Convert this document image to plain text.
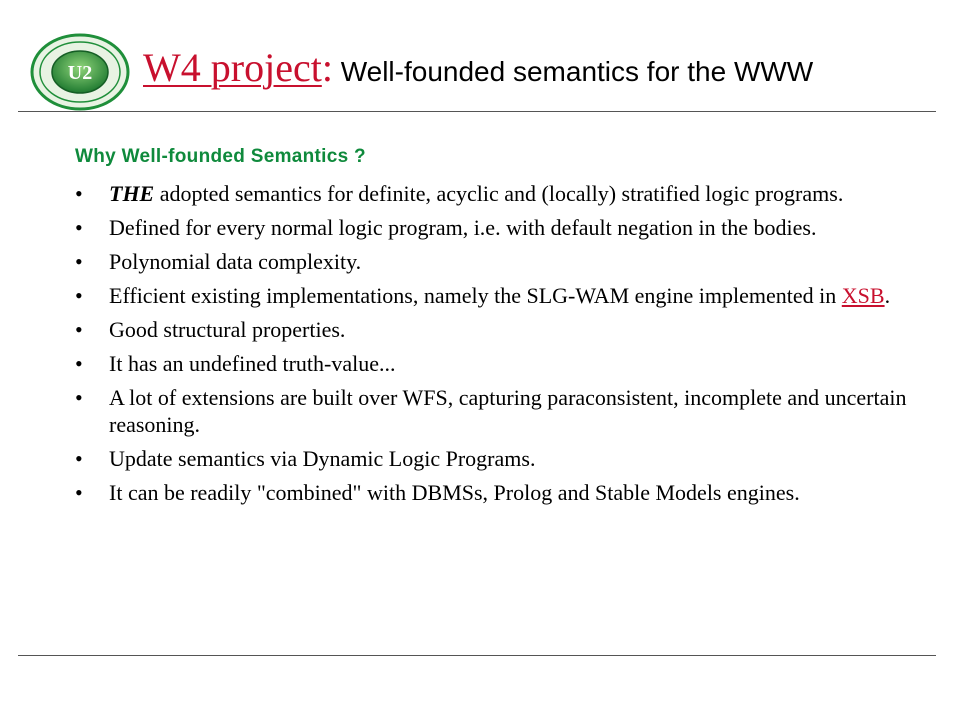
U2 W4 project: Well-founded semantics for the WWW
Why Well-founded Semantics ?
• THE adopted semantics for definite, acyclic and (locally) stratified logic programs.
• Defined for every normal logic program, i.e. with default negation in the bodies.
• Polynomial data complexity.
• Efficient existing implementations, namely the SLG-WAM engine implemented in XSB.
• Good structural properties.
• It has an undefined truth-value...
• A lot of extensions are built over WFS, capturing paraconsistent, incomplete and uncertain reasoning.
• Update semantics via Dynamic Logic Programs.
• It can be readily "combined" with DBMSs, Prolog and Stable Models engines.
